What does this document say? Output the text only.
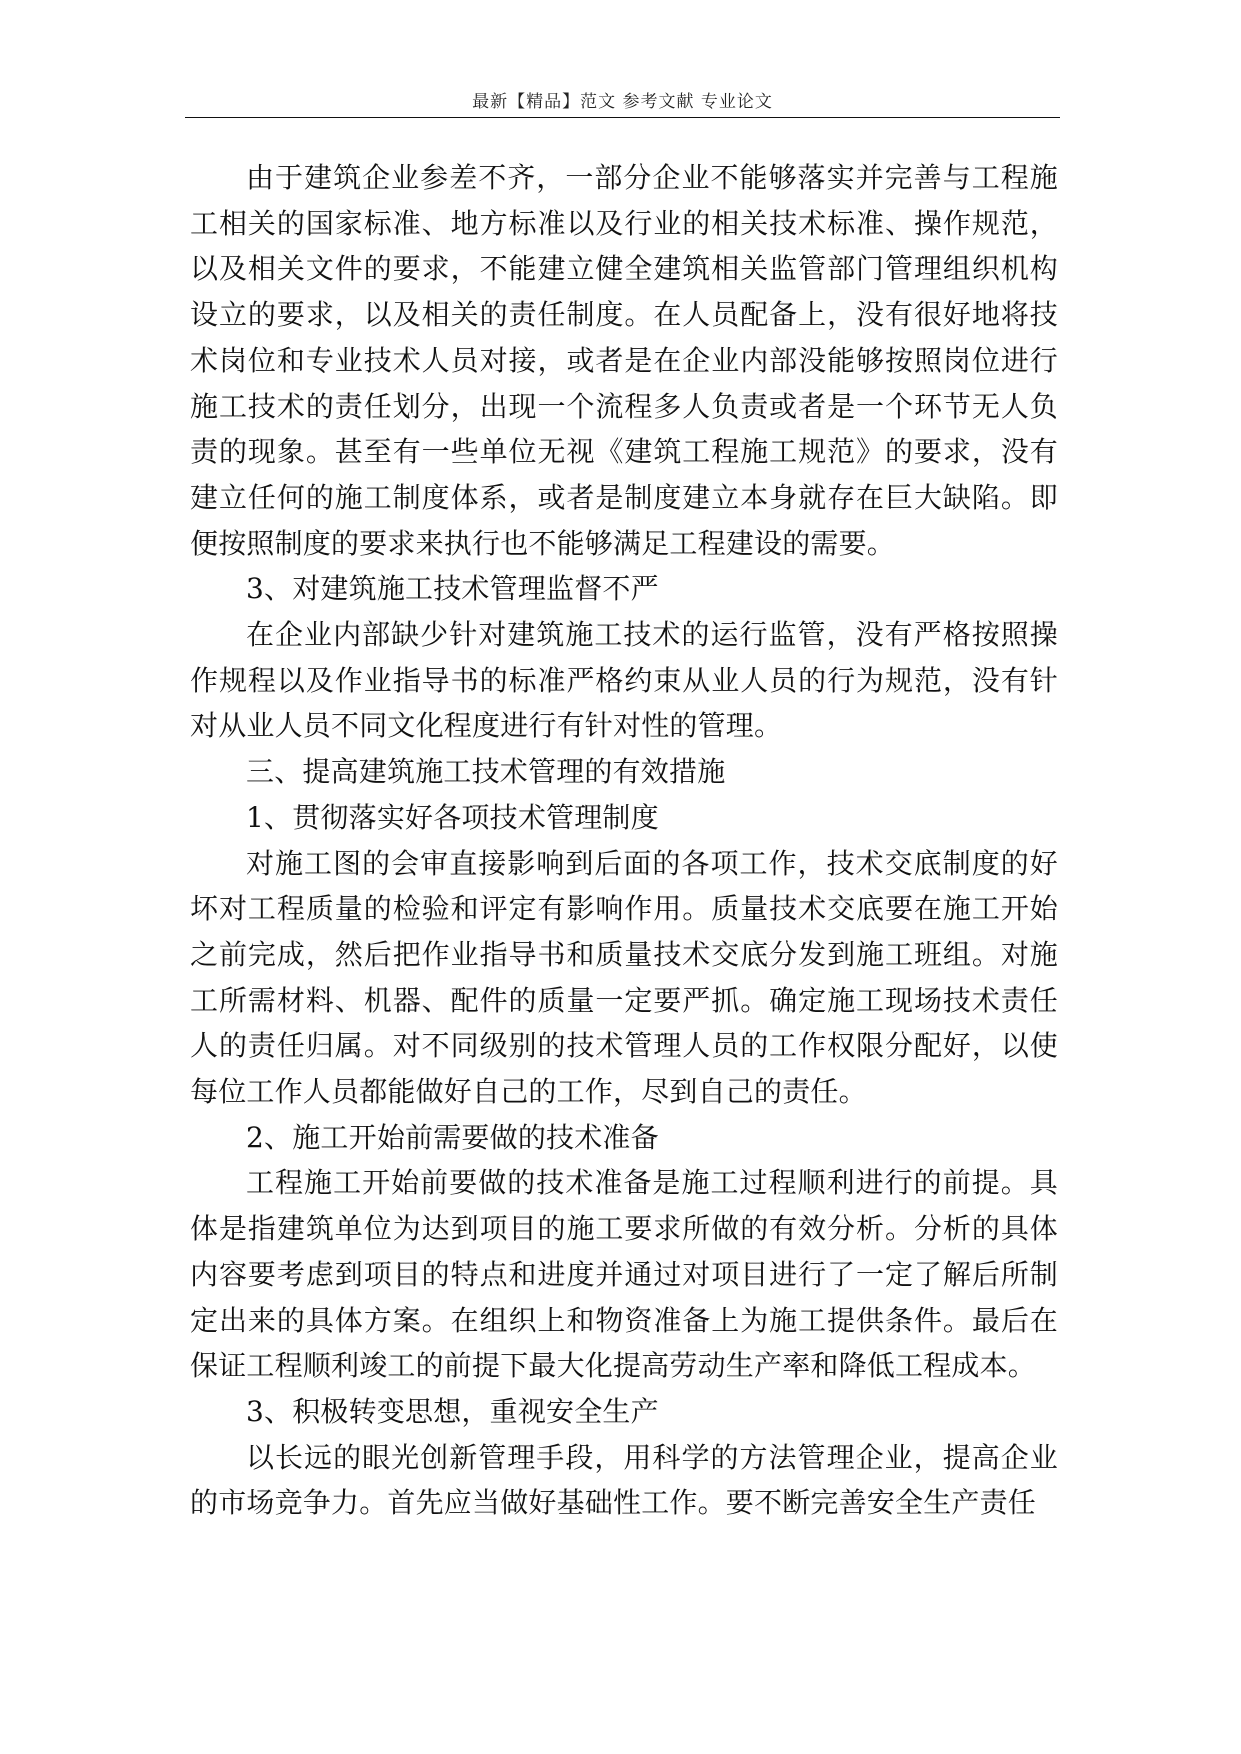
最新【精品】范文 参考文献 专业论文

由于建筑企业参差不齐，一部分企业不能够落实并完善与工程施工相关的国家标准、地方标准以及行业的相关技术标准、操作规范，以及相关文件的要求，不能建立健全建筑相关监管部门管理组织机构设立的要求，以及相关的责任制度。在人员配备上，没有很好地将技术岗位和专业技术人员对接，或者是在企业内部没能够按照岗位进行施工技术的责任划分，出现一个流程多人负责或者是一个环节无人负责的现象。甚至有一些单位无视《建筑工程施工规范》的要求，没有建立任何的施工制度体系，或者是制度建立本身就存在巨大缺陷。即便按照制度的要求来执行也不能够满足工程建设的需要。

3、对建筑施工技术管理监督不严

在企业内部缺少针对建筑施工技术的运行监管，没有严格按照操作规程以及作业指导书的标准严格约束从业人员的行为规范，没有针对从业人员不同文化程度进行有针对性的管理。

三、提高建筑施工技术管理的有效措施

1、贯彻落实好各项技术管理制度

对施工图的会审直接影响到后面的各项工作，技术交底制度的好坏对工程质量的检验和评定有影响作用。质量技术交底要在施工开始之前完成，然后把作业指导书和质量技术交底分发到施工班组。对施工所需材料、机器、配件的质量一定要严抓。确定施工现场技术责任人的责任归属。对不同级别的技术管理人员的工作权限分配好，以使每位工作人员都能做好自己的工作，尽到自己的责任。

2、施工开始前需要做的技术准备

工程施工开始前要做的技术准备是施工过程顺利进行的前提。具体是指建筑单位为达到项目的施工要求所做的有效分析。分析的具体内容要考虑到项目的特点和进度并通过对项目进行了一定了解后所制定出来的具体方案。在组织上和物资准备上为施工提供条件。最后在保证工程顺利竣工的前提下最大化提高劳动生产率和降低工程成本。

3、积极转变思想，重视安全生产

以长远的眼光创新管理手段，用科学的方法管理企业，提高企业的市场竞争力。首先应当做好基础性工作。要不断完善安全生产责任
